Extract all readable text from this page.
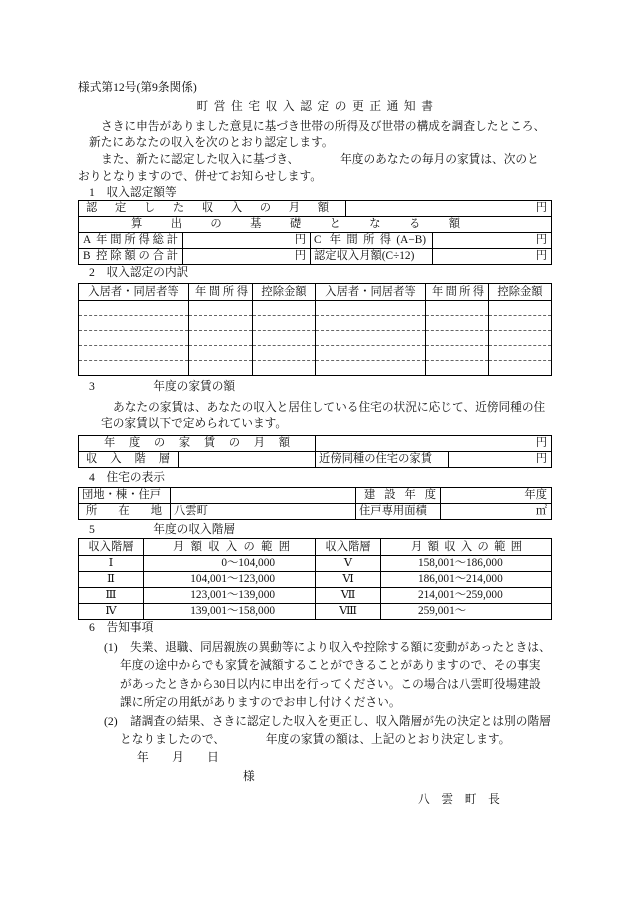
様式第12号(第9条関係)
町営住宅収入認定の更正通知書
さきに申告がありました意見に基づき世帯の所得及び世帯の構成を調査したところ、
新たにあなたの収入を次のとおり認定します。
また、新たに認定した収入に基づき、　　　　年度のあなたの毎月の家賃は、次のと
おりとなりますので、併せてお知らせします。
1　収入認定額等
認定した収入の月額			円	
算出の基礎となる額				
A 年間所得総計	円	C 年間所得(A−B)		円
B 控除額の合計	円	認定収入月額(C÷12)		円
2　収入認定の内訳
入居者・同居者等	年間所得	控除金額	入居者・同居者等	年間所得	控除金額

3　　　　　年度の家賃の額
あなたの家賃は、あなたの収入と居住している住宅の状況に応じて、近傍同種の住
宅の家賃以下で定められています。
年度の家賃の月額		円	
収入階層		近傍同種の住宅の家賃	円
4　住宅の表示
団地・棟・住戸		建設年度	年度
所在地	八雲町	住戸専用面積	㎡
5　　　　　年度の収入階層
収入階層	月額収入の範囲	収入階層	月額収入の範囲
Ⅰ	0～104,000	Ⅴ	158,001～186,000
Ⅱ	104,001～123,000	Ⅵ	186,001～214,000
Ⅲ	123,001～139,000	Ⅶ	214,001～259,000
Ⅳ	139,001～158,000	Ⅷ	259,001～
6　告知事項
(1) 失業、退職、同居親族の異動等により収入や控除する額に変動があったときは、
年度の途中からでも家賃を減額することができることがありますので、その事実
があったときから30日以内に申出を行ってください。この場合は八雲町役場建設
課に所定の用紙がありますのでお申し付けください。
(2) 諸調査の結果、さきに認定した収入を更正し、収入階層が先の決定とは別の階層
となりましたので、　　　　年度の家賃の額は、上記のとおり決定します。
年　　月　　日
様
八　雲　町　長
